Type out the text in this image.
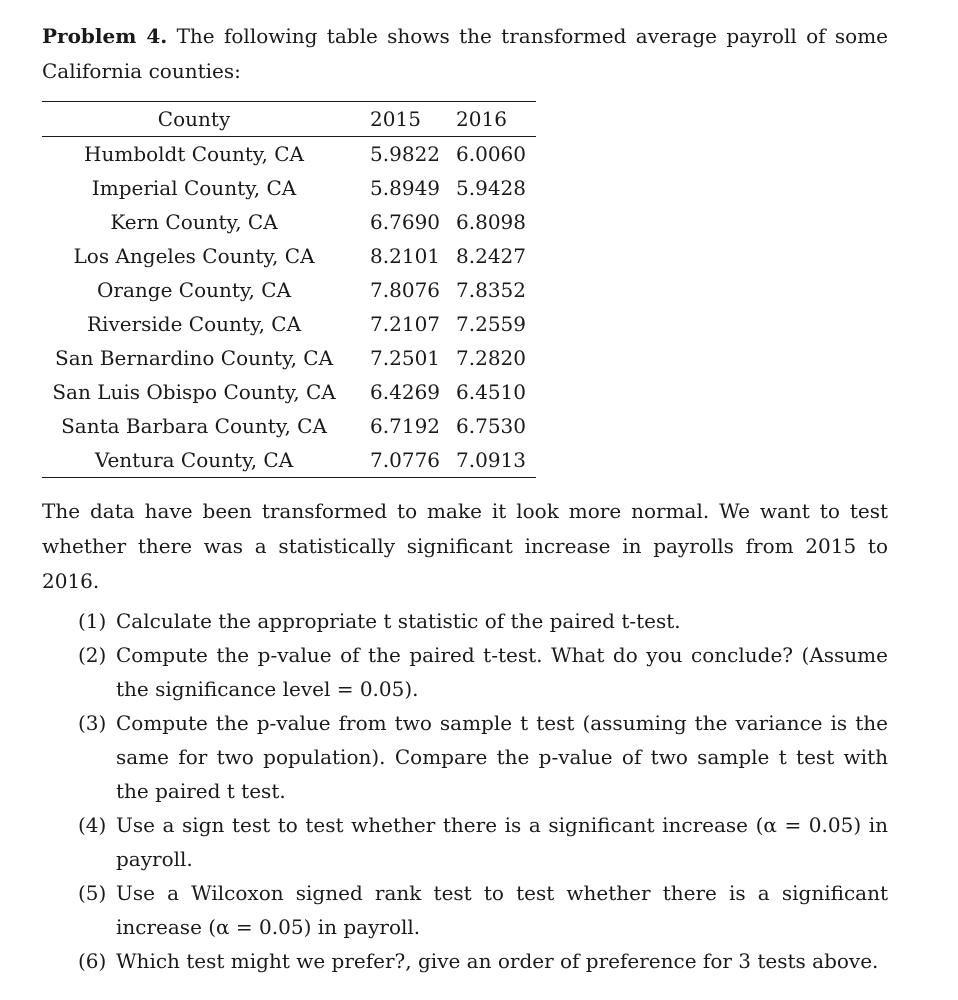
Problem 4. The following table shows the transformed average payroll of some California counties:
County	2015	2016
Humboldt County, CA	5.9822	6.0060
Imperial County, CA	5.8949	5.9428
Kern County, CA	6.7690	6.8098
Los Angeles County, CA	8.2101	8.2427
Orange County, CA	7.8076	7.8352
Riverside County, CA	7.2107	7.2559
San Bernardino County, CA	7.2501	7.2820
San Luis Obispo County, CA	6.4269	6.4510
Santa Barbara County, CA	6.7192	6.7530
Ventura County, CA	7.0776	7.0913
The data have been transformed to make it look more normal. We want to test whether there was a statistically significant increase in payrolls from 2015 to 2016.
(1) Calculate the appropriate t statistic of the paired t-test.
(2) Compute the p-value of the paired t-test. What do you conclude? (Assume the significance level = 0.05).
(3) Compute the p-value from two sample t test (assuming the variance is the same for two population). Compare the p-value of two sample t test with the paired t test.
(4) Use a sign test to test whether there is a significant increase (α = 0.05) in payroll.
(5) Use a Wilcoxon signed rank test to test whether there is a significant increase (α = 0.05) in payroll.
(6) Which test might we prefer?, give an order of preference for 3 tests above.
